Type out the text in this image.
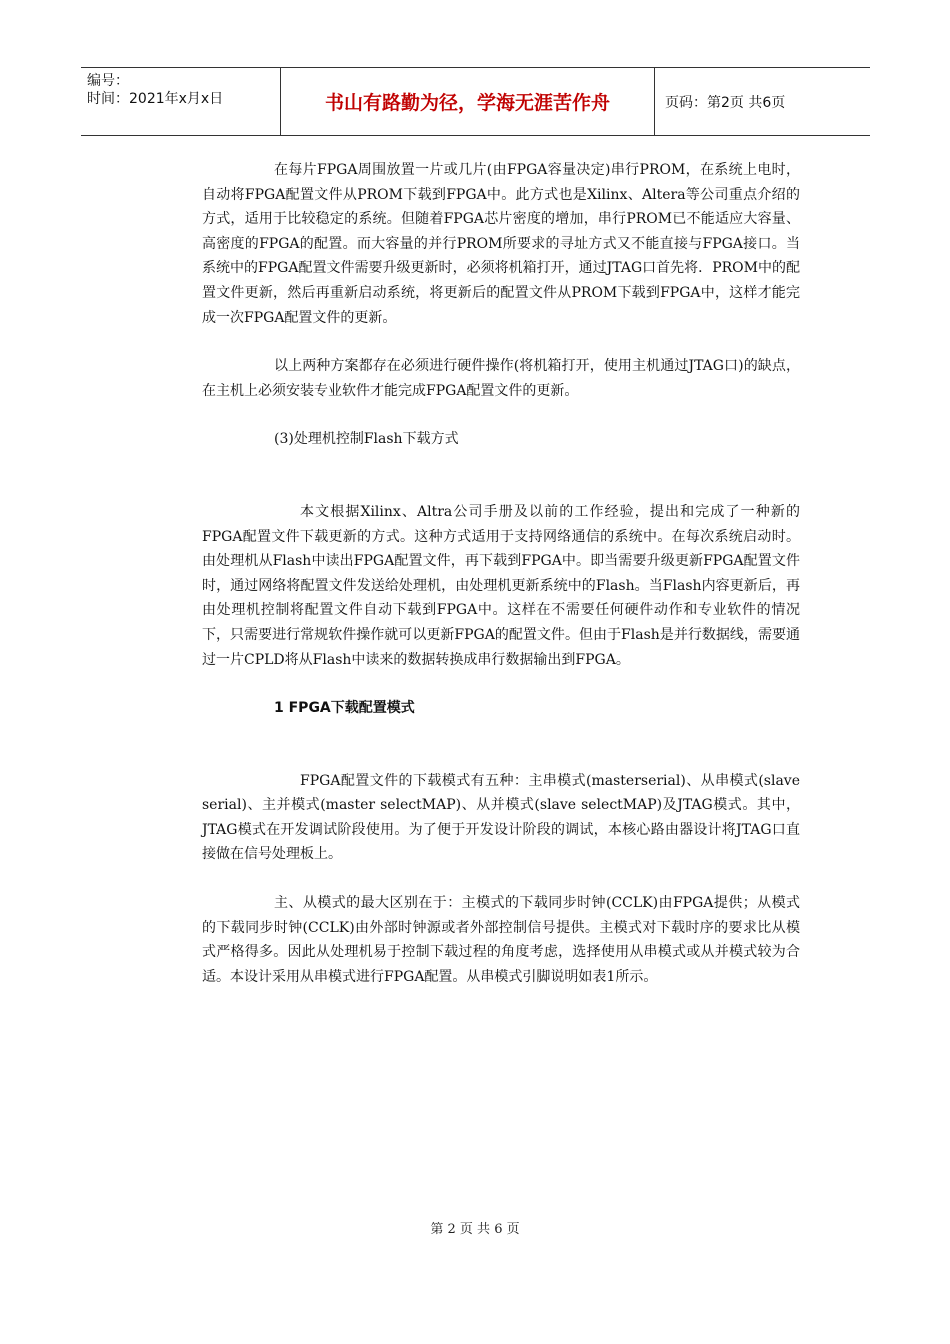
编号：
时间：2021年x月x日	书山有路勤为径，学海无涯苦作舟	页码：第2页 共6页

在每片FPGA周围放置一片或几片(由FPGA容量决定)串行PROM，在系统上电时，自动将FPGA配置文件从PROM下载到FPGA中。此方式也是Xilinx、Altera等公司重点介绍的方式，适用于比较稳定的系统。但随着FPGA芯片密度的增加，串行PROM已不能适应大容量、高密度的FPGA的配置。而大容量的并行PROM所要求的寻址方式又不能直接与FPGA接口。当系统中的FPGA配置文件需要升级更新时，必须将机箱打开，通过JTAG口首先将．PROM中的配置文件更新，然后再重新启动系统，将更新后的配置文件从PROM下载到FPGA中，这样才能完成一次FPGA配置文件的更新。

以上两种方案都存在必须进行硬件操作(将机箱打开，使用主机通过JTAG口)的缺点，在主机上必须安装专业软件才能完成FPGA配置文件的更新。

(3)处理机控制Flash下载方式

本文根据Xilinx、Altra公司手册及以前的工作经验，提出和完成了一种新的FPGA配置文件下载更新的方式。这种方式适用于支持网络通信的系统中。在每次系统启动时。由处理机从Flash中读出FPGA配置文件，再下载到FPGA中。即当需要升级更新FPGA配置文件时，通过网络将配置文件发送给处理机，由处理机更新系统中的Flash。当Flash内容更新后，再由处理机控制将配置文件自动下载到FPGA中。这样在不需要任何硬件动作和专业软件的情况下，只需要进行常规软件操作就可以更新FPGA的配置文件。但由于Flash是并行数据线，需要通过一片CPLD将从Flash中读来的数据转换成串行数据输出到FPGA。

1 FPGA下载配置模式

FPGA配置文件的下载模式有五种：主串模式(masterserial)、从串模式(slave serial)、主并模式(master selectMAP)、从并模式(slave selectMAP)及JTAG模式。其中，JTAG模式在开发调试阶段使用。为了便于开发设计阶段的调试，本核心路由器设计将JTAG口直接做在信号处理板上。

主、从模式的最大区别在于：主模式的下载同步时钟(CCLK)由FPGA提供；从模式的下载同步时钟(CCLK)由外部时钟源或者外部控制信号提供。主模式对下载时序的要求比从模式严格得多。因此从处理机易于控制下载过程的角度考虑，选择使用从串模式或从并模式较为合适。本设计采用从串模式进行FPGA配置。从串模式引脚说明如表1所示。

第 2 页 共 6 页
